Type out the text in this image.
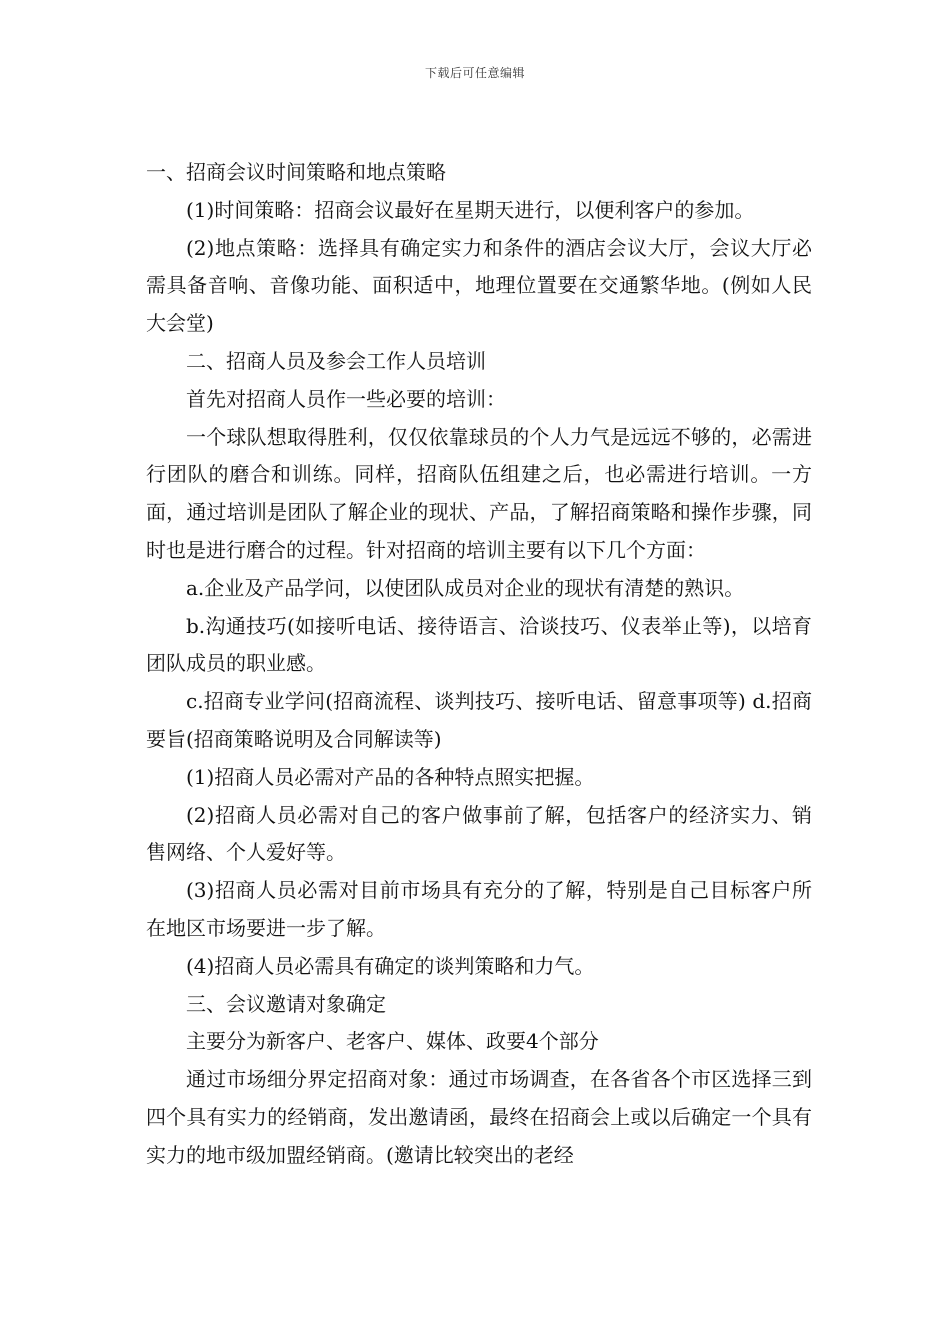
下载后可任意编辑

一、招商会议时间策略和地点策略

(1)时间策略：招商会议最好在星期天进行，以便利客户的参加。

(2)地点策略：选择具有确定实力和条件的酒店会议大厅，会议大厅必需具备音响、音像功能、面积适中，地理位置要在交通繁华地。(例如人民大会堂)

二、招商人员及参会工作人员培训

首先对招商人员作一些必要的培训：

一个球队想取得胜利，仅仅依靠球员的个人力气是远远不够的，必需进行团队的磨合和训练。同样，招商队伍组建之后，也必需进行培训。一方面，通过培训是团队了解企业的现状、产品，了解招商策略和操作步骤，同时也是进行磨合的过程。针对招商的培训主要有以下几个方面：

a.企业及产品学问，以使团队成员对企业的现状有清楚的熟识。

b.沟通技巧(如接听电话、接待语言、洽谈技巧、仪表举止等)，以培育团队成员的职业感。

c.招商专业学问(招商流程、谈判技巧、接听电话、留意事项等) d.招商要旨(招商策略说明及合同解读等)

(1)招商人员必需对产品的各种特点照实把握。

(2)招商人员必需对自己的客户做事前了解，包括客户的经济实力、销售网络、个人爱好等。

(3)招商人员必需对目前市场具有充分的了解，特别是自己目标客户所在地区市场要进一步了解。

(4)招商人员必需具有确定的谈判策略和力气。

三、会议邀请对象确定

主要分为新客户、老客户、媒体、政要4个部分

通过市场细分界定招商对象：通过市场调查，在各省各个市区选择三到四个具有实力的经销商，发出邀请函，最终在招商会上或以后确定一个具有实力的地市级加盟经销商。(邀请比较突出的老经
